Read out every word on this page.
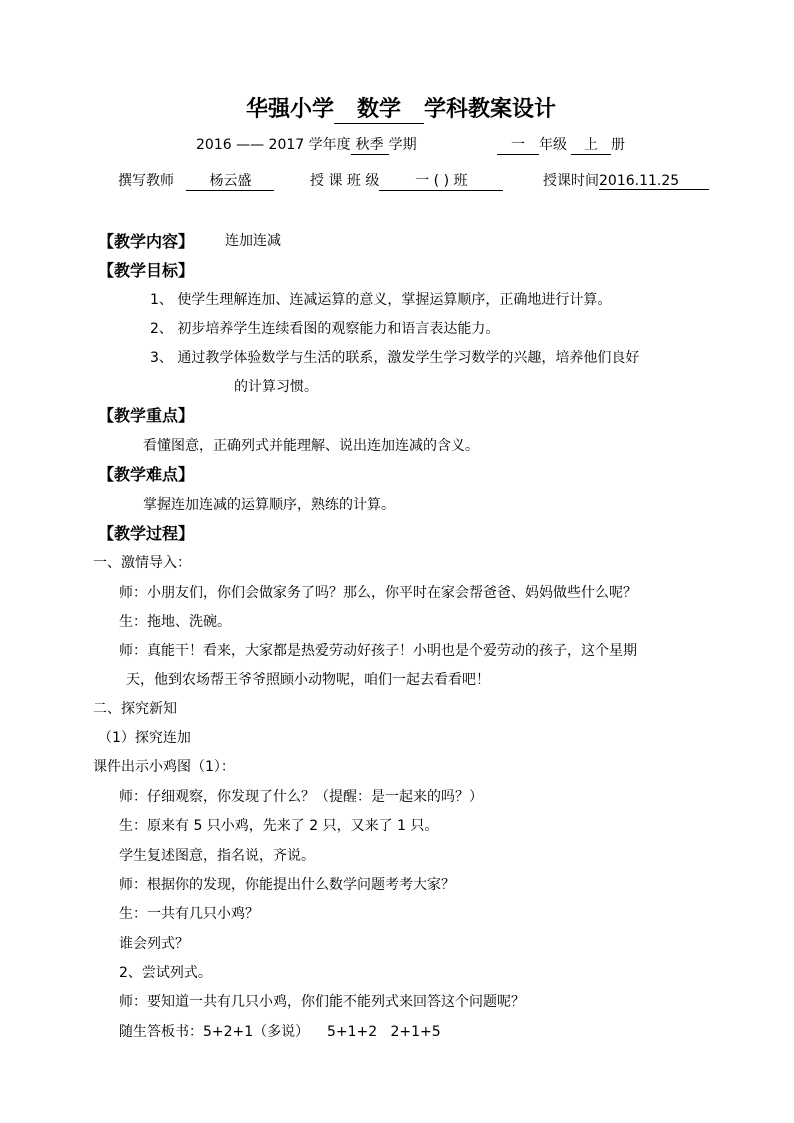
华强小学 数学 学科教案设计
2016 —— 2017 学年度 秋季 学期	一 年级 上 册
撰写教师	杨云盛	授 课 班 级	一 ( ) 班	授课时间2016.11.25
【教学内容】 连加连减
【教学目标】
1、 使学生理解连加、连减运算的意义，掌握运算顺序，正确地进行计算。
2、 初步培养学生连续看图的观察能力和语言表达能力。
3、 通过教学体验数学与生活的联系，激发学生学习数学的兴趣，培养他们良好
的计算习惯。
【教学重点】
看懂图意，正确列式并能理解、说出连加连减的含义。
【教学难点】
掌握连加连减的运算顺序，熟练的计算。
【教学过程】
一、激情导入：
师：小朋友们，你们会做家务了吗？那么，你平时在家会帮爸爸、妈妈做些什么呢？
生：拖地、洗碗。
师：真能干！看来，大家都是热爱劳动好孩子！小明也是个爱劳动的孩子，这个星期
天，他到农场帮王爷爷照顾小动物呢，咱们一起去看看吧！
二、探究新知
（1）探究连加
课件出示小鸡图（1）：
师：仔细观察，你发现了什么？（提醒：是一起来的吗？）
生：原来有 5 只小鸡，先来了 2 只，又来了 1 只。
学生复述图意，指名说，齐说。
师：根据你的发现，你能提出什么数学问题考考大家？
生：一共有几只小鸡？
谁会列式？
2、尝试列式。
师：要知道一共有几只小鸡，你们能不能列式来回答这个问题呢？
随生答板书：5+2+1（多说）    5+1+2   2+1+5
